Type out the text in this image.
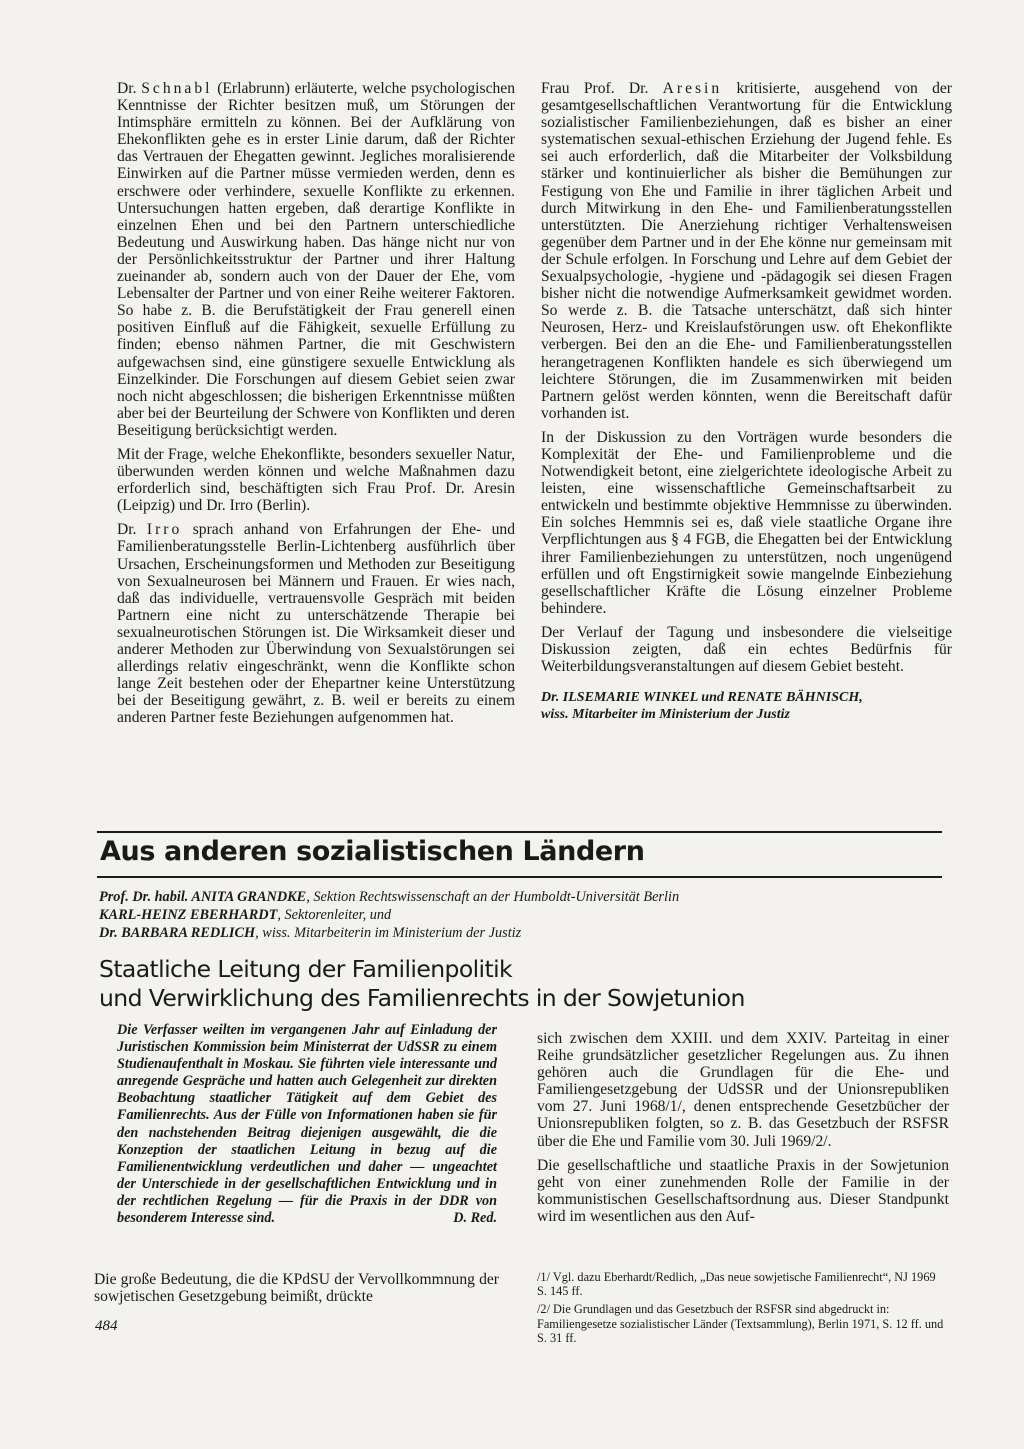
Dr. Schnabl (Erlabrunn) erläuterte, welche psychologischen Kenntnisse der Richter besitzen muß, um Störungen der Intimsphäre ermitteln zu können. Bei der Aufklärung von Ehekonflikten gehe es in erster Linie darum, daß der Richter das Vertrauen der Ehegatten gewinnt. Jegliches moralisierende Einwirken auf die Partner müsse vermieden werden, denn es erschwere oder verhindere, sexuelle Konflikte zu erkennen. Untersuchungen hatten ergeben, daß derartige Konflikte in einzelnen Ehen und bei den Partnern unterschiedliche Bedeutung und Auswirkung haben. Das hänge nicht nur von der Persönlichkeitsstruktur der Partner und ihrer Haltung zueinander ab, sondern auch von der Dauer der Ehe, vom Lebensalter der Partner und von einer Reihe weiterer Faktoren. So habe z. B. die Berufstätigkeit der Frau generell einen positiven Einfluß auf die Fähigkeit, sexuelle Erfüllung zu finden; ebenso nähmen Partner, die mit Geschwistern aufgewachsen sind, eine günstigere sexuelle Entwicklung als Einzelkinder. Die Forschungen auf diesem Gebiet seien zwar noch nicht abgeschlossen; die bisherigen Erkenntnisse müßten aber bei der Beurteilung der Schwere von Konflikten und deren Beseitigung berücksichtigt werden.

Mit der Frage, welche Ehekonflikte, besonders sexueller Natur, überwunden werden können und welche Maßnahmen dazu erforderlich sind, beschäftigten sich Frau Prof. Dr. Aresin (Leipzig) und Dr. Irro (Berlin).

Dr. Irro sprach anhand von Erfahrungen der Ehe- und Familienberatungsstelle Berlin-Lichtenberg ausführlich über Ursachen, Erscheinungsformen und Methoden zur Beseitigung von Sexualneurosen bei Männern und Frauen. Er wies nach, daß das individuelle, vertrauensvolle Gespräch mit beiden Partnern eine nicht zu unterschätzende Therapie bei sexualneurotischen Störungen ist. Die Wirksamkeit dieser und anderer Methoden zur Überwindung von Sexualstörungen sei allerdings relativ eingeschränkt, wenn die Konflikte schon lange Zeit bestehen oder der Ehepartner keine Unterstützung bei der Beseitigung gewährt, z. B. weil er bereits zu einem anderen Partner feste Beziehungen aufgenommen hat.

Frau Prof. Dr. Aresin kritisierte, ausgehend von der gesamtgesellschaftlichen Verantwortung für die Entwicklung sozialistischer Familienbeziehungen, daß es bisher an einer systematischen sexual-ethischen Erziehung der Jugend fehle. Es sei auch erforderlich, daß die Mitarbeiter der Volksbildung stärker und kontinuierlicher als bisher die Bemühungen zur Festigung von Ehe und Familie in ihrer täglichen Arbeit und durch Mitwirkung in den Ehe- und Familienberatungsstellen unterstützten. Die Anerziehung richtiger Verhaltensweisen gegenüber dem Partner und in der Ehe könne nur gemeinsam mit der Schule erfolgen. In Forschung und Lehre auf dem Gebiet der Sexualpsychologie, -hygiene und -pädagogik sei diesen Fragen bisher nicht die notwendige Aufmerksamkeit gewidmet worden. So werde z. B. die Tatsache unterschätzt, daß sich hinter Neurosen, Herz- und Kreislaufstörungen usw. oft Ehekonflikte verbergen. Bei den an die Ehe- und Familienberatungsstellen herangetragenen Konflikten handele es sich überwiegend um leichtere Störungen, die im Zusammenwirken mit beiden Partnern gelöst werden könnten, wenn die Bereitschaft dafür vorhanden ist.

In der Diskussion zu den Vorträgen wurde besonders die Komplexität der Ehe- und Familienprobleme und die Notwendigkeit betont, eine zielgerichtete ideologische Arbeit zu leisten, eine wissenschaftliche Gemeinschaftsarbeit zu entwickeln und bestimmte objektive Hemmnisse zu überwinden. Ein solches Hemmnis sei es, daß viele staatliche Organe ihre Verpflichtungen aus § 4 FGB, die Ehegatten bei der Entwicklung ihrer Familienbeziehungen zu unterstützen, noch ungenügend erfüllen und oft Engstirnigkeit sowie mangelnde Einbeziehung gesellschaftlicher Kräfte die Lösung einzelner Probleme behindere.

Der Verlauf der Tagung und insbesondere die vielseitige Diskussion zeigten, daß ein echtes Bedürfnis für Weiterbildungsveranstaltungen auf diesem Gebiet besteht.

Dr. ILSEMARIE WINKEL und RENATE BÄHNISCH,
wiss. Mitarbeiter im Ministerium der Justiz
Aus anderen sozialistischen Ländern
Prof. Dr. habil. ANITA GRANDKE, Sektion Rechtswissenschaft an der Humboldt-Universität Berlin
KARL-HEINZ EBERHARDT, Sektorenleiter, und
Dr. BARBARA REDLICH, wiss. Mitarbeiterin im Ministerium der Justiz
Staatliche Leitung der Familienpolitik
und Verwirklichung des Familienrechts in der Sowjetunion
Die Verfasser weilten im vergangenen Jahr auf Einladung der Juristischen Kommission beim Ministerrat der UdSSR zu einem Studienaufenthalt in Moskau. Sie führten viele interessante und anregende Gespräche und hatten auch Gelegenheit zur direkten Beobachtung staatlicher Tätigkeit auf dem Gebiet des Familienrechts. Aus der Fülle von Informationen haben sie für den nachstehenden Beitrag diejenigen ausgewählt, die die Konzeption der staatlichen Leitung in bezug auf die Familienentwicklung verdeutlichen und daher — ungeachtet der Unterschiede in der gesellschaftlichen Entwicklung und in der rechtlichen Regelung — für die Praxis in der DDR von besonderem Interesse sind.	D. Red.
Die große Bedeutung, die die KPdSU der Vervollkommnung der sowjetischen Gesetzgebung beimißt, drückte

sich zwischen dem XXIII. und dem XXIV. Parteitag in einer Reihe grundsätzlicher gesetzlicher Regelungen aus. Zu ihnen gehören auch die Grundlagen für die Ehe- und Familiengesetzgebung der UdSSR und der Unionsrepubliken vom 27. Juni 1968/1/, denen entsprechende Gesetzbücher der Unionsrepubliken folgten, so z. B. das Gesetzbuch der RSFSR über die Ehe und Familie vom 30. Juli 1969/2/.

Die gesellschaftliche und staatliche Praxis in der Sowjetunion geht von einer zunehmenden Rolle der Familie in der kommunistischen Gesellschaftsordnung aus. Dieser Standpunkt wird im wesentlichen aus den Auf-

/1/ Vgl. dazu Eberhardt/Redlich, „Das neue sowjetische Familienrecht“, NJ 1969 S. 145 ff.

/2/ Die Grundlagen und das Gesetzbuch der RSFSR sind abgedruckt in: Familiengesetze sozialistischer Länder (Textsammlung), Berlin 1971, S. 12 ff. und S. 31 ff.

484
